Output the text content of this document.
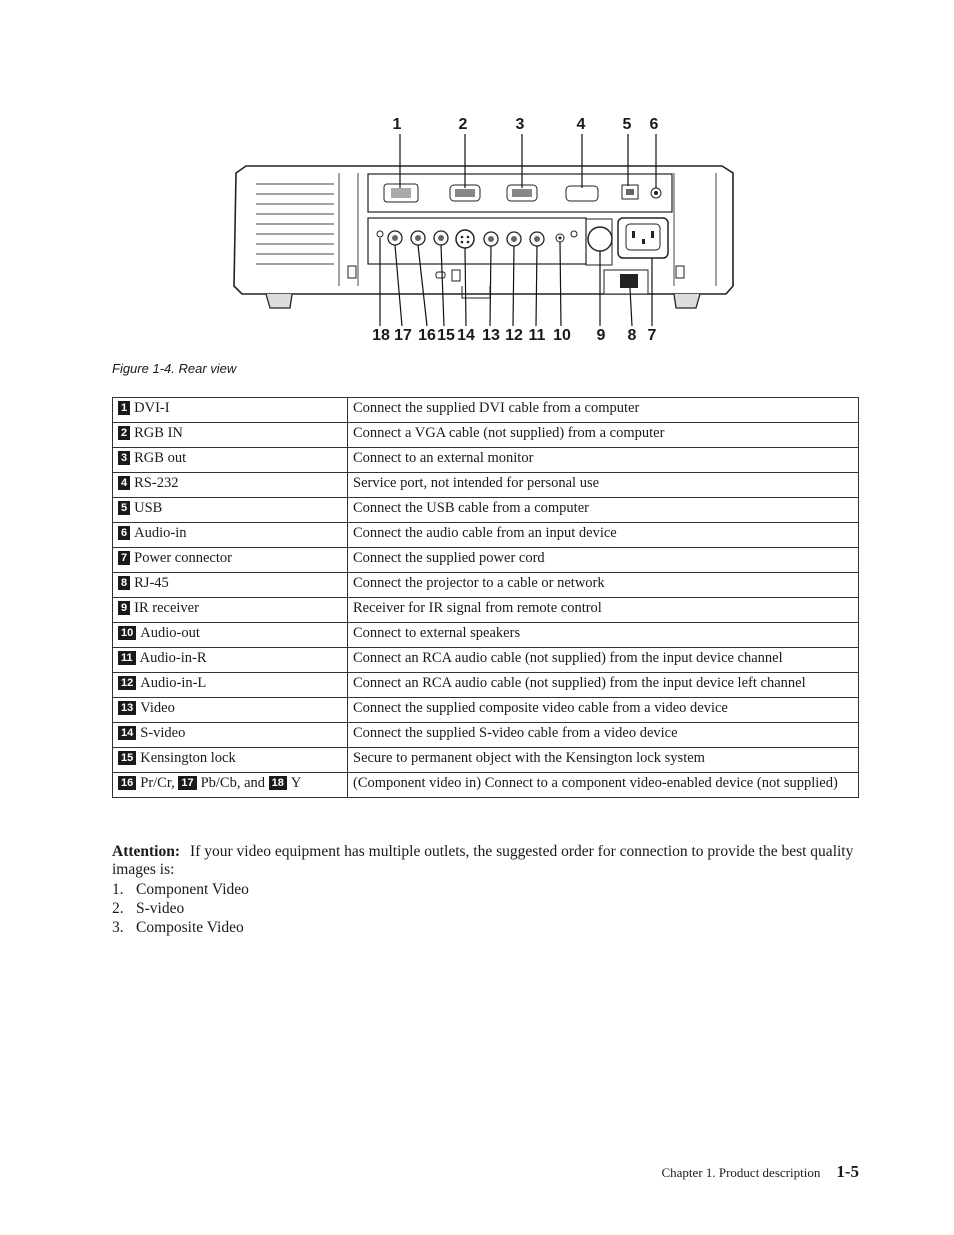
1	2	3	4 5 6
18 17 16 15 14 13 12 11 10 9 8 7
Figure 1-4. Rear view
1 DVI-I	Connect the supplied DVI cable from a computer
2 RGB IN	Connect a VGA cable (not supplied) from a computer
3 RGB out	Connect to an external monitor
4 RS-232	Service port, not intended for personal use
5 USB	Connect the USB cable from a computer
6 Audio-in	Connect the audio cable from an input device
7 Power connector	Connect the supplied power cord
8 RJ-45	Connect the projector to a cable or network
9 IR receiver	Receiver for IR signal from remote control
10 Audio-out	Connect to external speakers
11 Audio-in-R	Connect an RCA audio cable (not supplied) from the input device channel
12 Audio-in-L	Connect an RCA audio cable (not supplied) from the input device left channel
13 Video	Connect the supplied composite video cable from a video device
14 S-video	Connect the supplied S-video cable from a video device
15 Kensington lock	Secure to permanent object with the Kensington lock system
16 Pr/Cr, 17 Pb/Cb, and 18 Y	(Component video in) Connect to a component video-enabled device (not supplied)
Attention: If your video equipment has multiple outlets, the suggested order for connection to provide the best quality images is:
1. Component Video
2. S-video
3. Composite Video
Chapter 1. Product description 1-5
